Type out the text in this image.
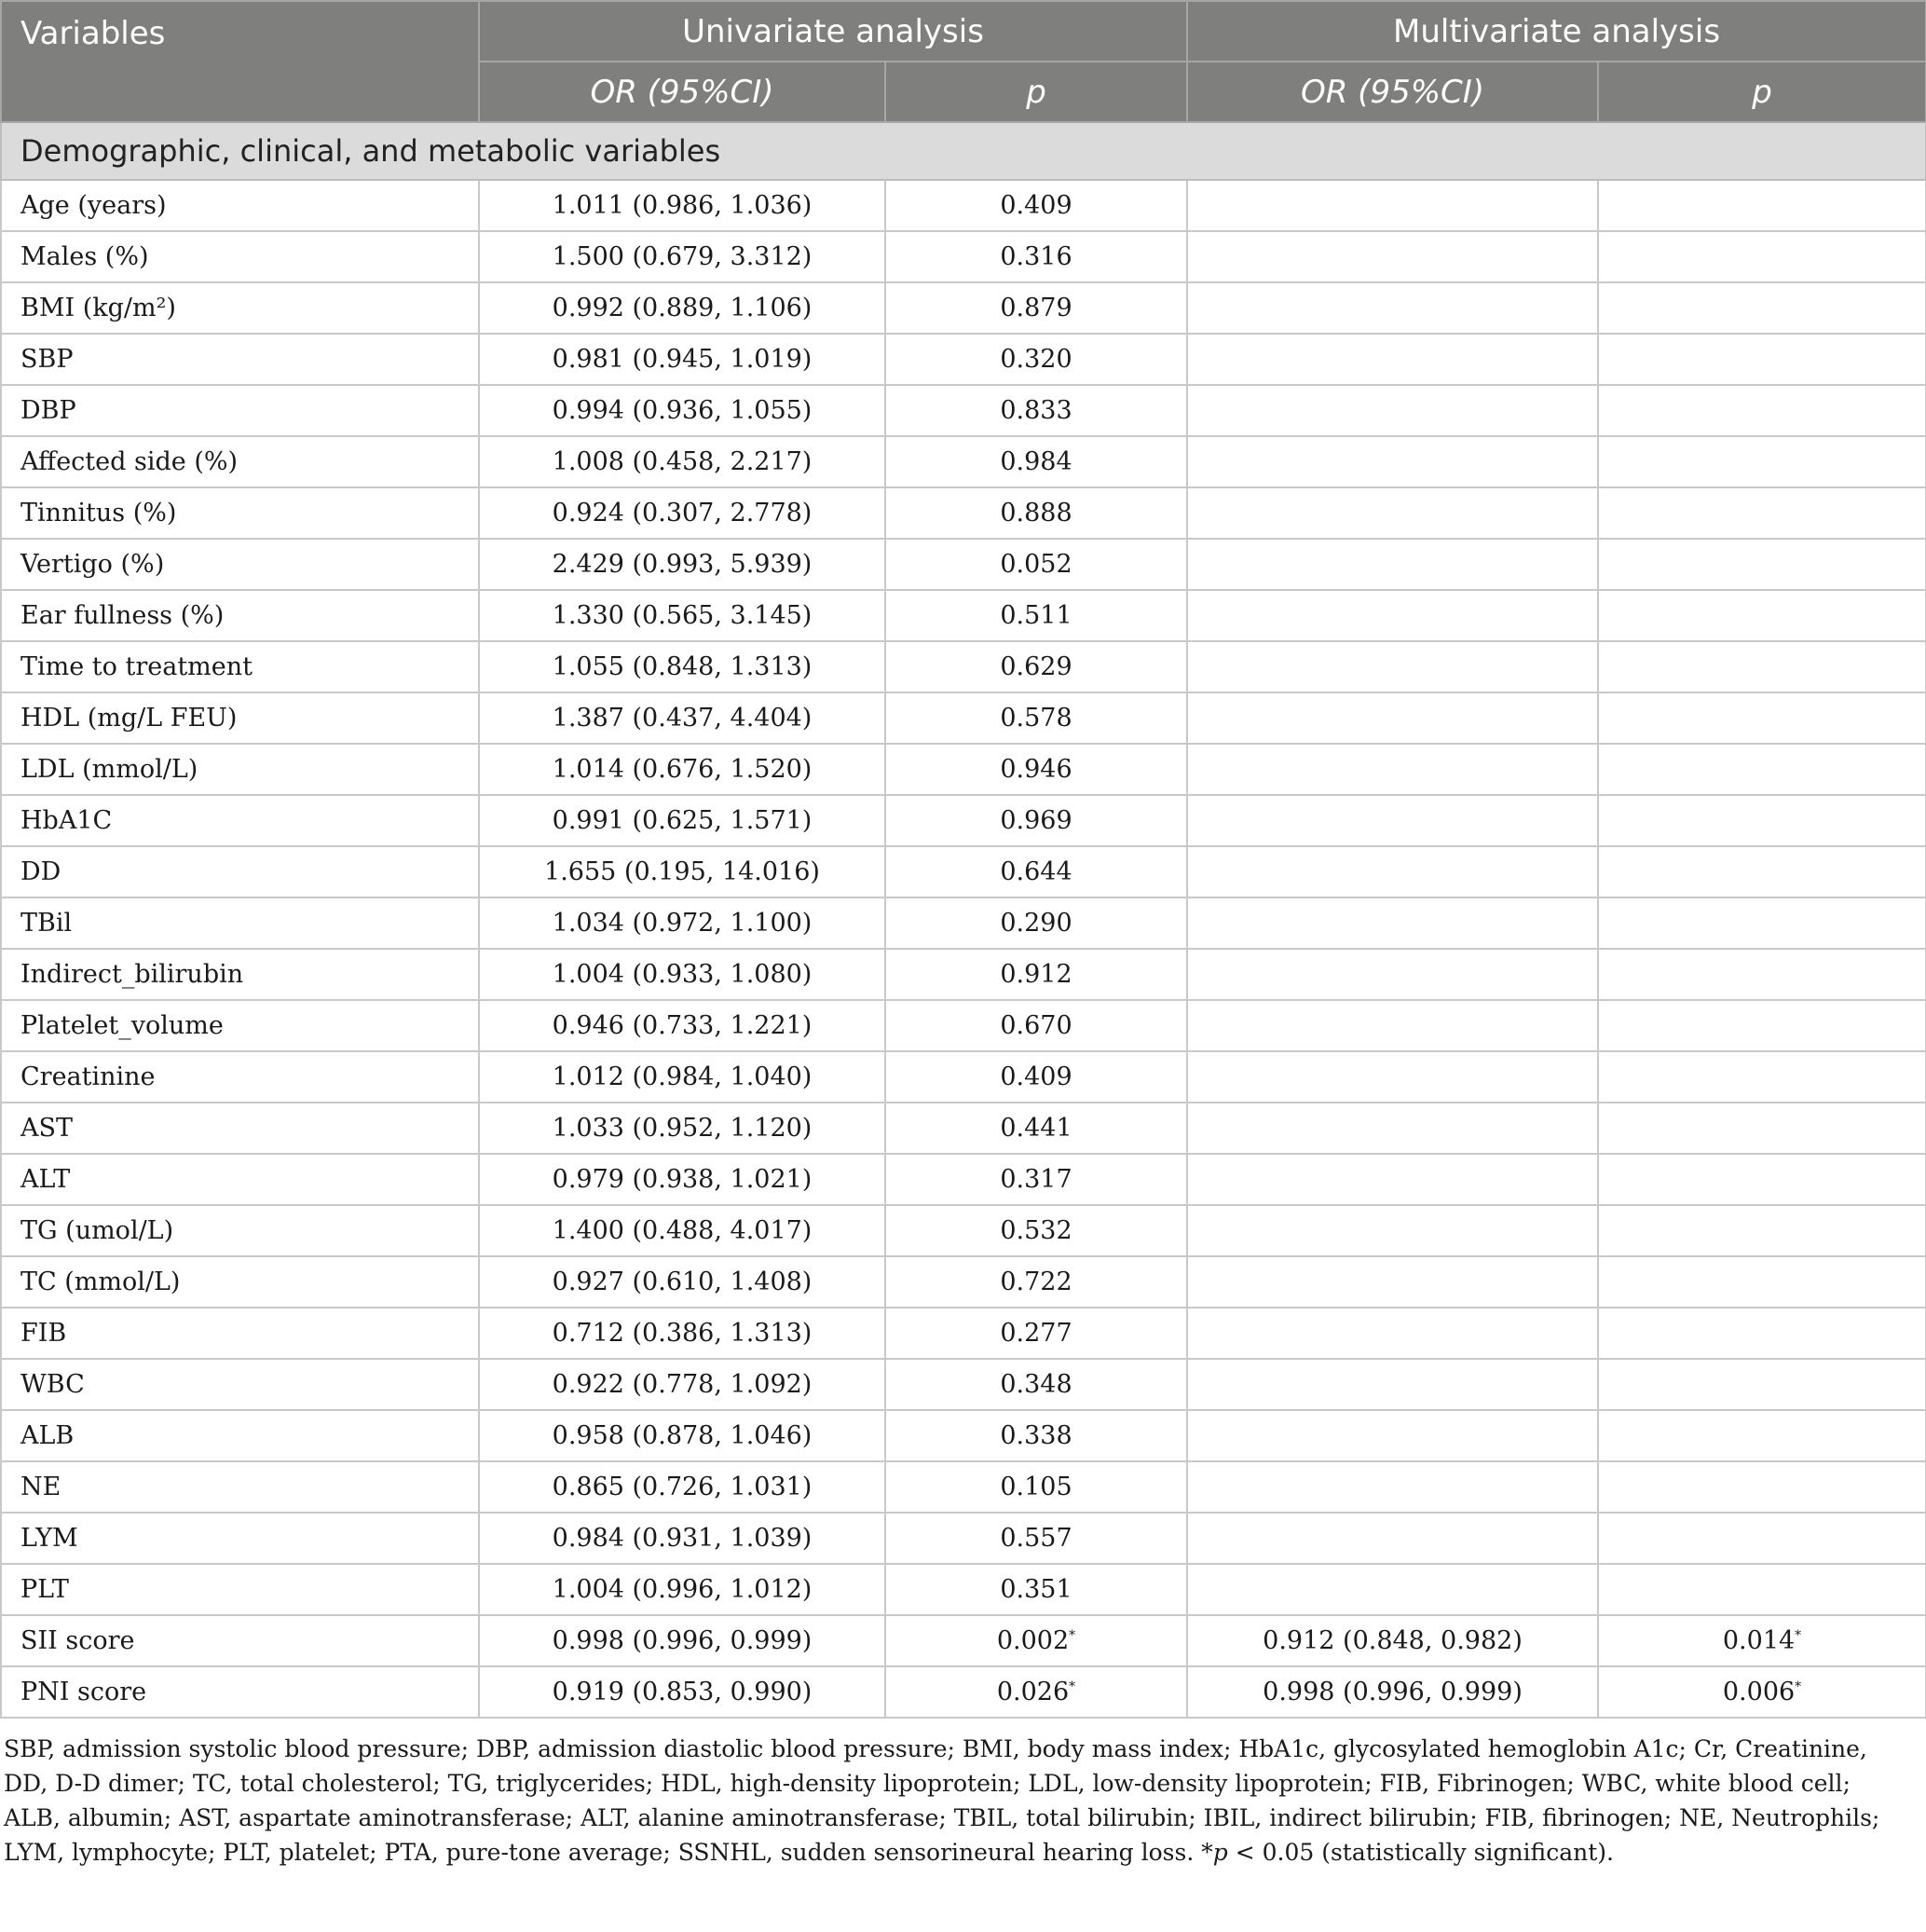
Variables	Univariate analysis		Multivariate analysis	
	OR (95%CI)	p	OR (95%CI)	p
Demographic, clinical, and metabolic variables				
Age (years)	1.011 (0.986, 1.036)	0.409		
Males (%)	1.500 (0.679, 3.312)	0.316		
BMI (kg/m²)	0.992 (0.889, 1.106)	0.879		
SBP	0.981 (0.945, 1.019)	0.320		
DBP	0.994 (0.936, 1.055)	0.833		
Affected side (%)	1.008 (0.458, 2.217)	0.984		
Tinnitus (%)	0.924 (0.307, 2.778)	0.888		
Vertigo (%)	2.429 (0.993, 5.939)	0.052		
Ear fullness (%)	1.330 (0.565, 3.145)	0.511		
Time to treatment	1.055 (0.848, 1.313)	0.629		
HDL (mg/L FEU)	1.387 (0.437, 4.404)	0.578		
LDL (mmol/L)	1.014 (0.676, 1.520)	0.946		
HbA1C	0.991 (0.625, 1.571)	0.969		
DD	1.655 (0.195, 14.016)	0.644		
TBil	1.034 (0.972, 1.100)	0.290		
Indirect_bilirubin	1.004 (0.933, 1.080)	0.912		
Platelet_volume	0.946 (0.733, 1.221)	0.670		
Creatinine	1.012 (0.984, 1.040)	0.409		
AST	1.033 (0.952, 1.120)	0.441		
ALT	0.979 (0.938, 1.021)	0.317		
TG (umol/L)	1.400 (0.488, 4.017)	0.532		
TC (mmol/L)	0.927 (0.610, 1.408)	0.722		
FIB	0.712 (0.386, 1.313)	0.277		
WBC	0.922 (0.778, 1.092)	0.348		
ALB	0.958 (0.878, 1.046)	0.338		
NE	0.865 (0.726, 1.031)	0.105		
LYM	0.984 (0.931, 1.039)	0.557		
PLT	1.004 (0.996, 1.012)	0.351		
SII score	0.998 (0.996, 0.999)	0.002*	0.912 (0.848, 0.982)	0.014*
PNI score	0.919 (0.853, 0.990)	0.026*	0.998 (0.996, 0.999)	0.006*
SBP, admission systolic blood pressure; DBP, admission diastolic blood pressure; BMI, body mass index; HbA1c, glycosylated hemoglobin A1c; Cr, Creatinine, DD, D-D dimer; TC, total cholesterol; TG, triglycerides; HDL, high-density lipoprotein; LDL, low-density lipoprotein; FIB, Fibrinogen; WBC, white blood cell; ALB, albumin; AST, aspartate aminotransferase; ALT, alanine aminotransferase; TBIL, total bilirubin; IBIL, indirect bilirubin; FIB, fibrinogen; NE, Neutrophils; LYM, lymphocyte; PLT, platelet; PTA, pure-tone average; SSNHL, sudden sensorineural hearing loss. *p < 0.05 (statistically significant).
